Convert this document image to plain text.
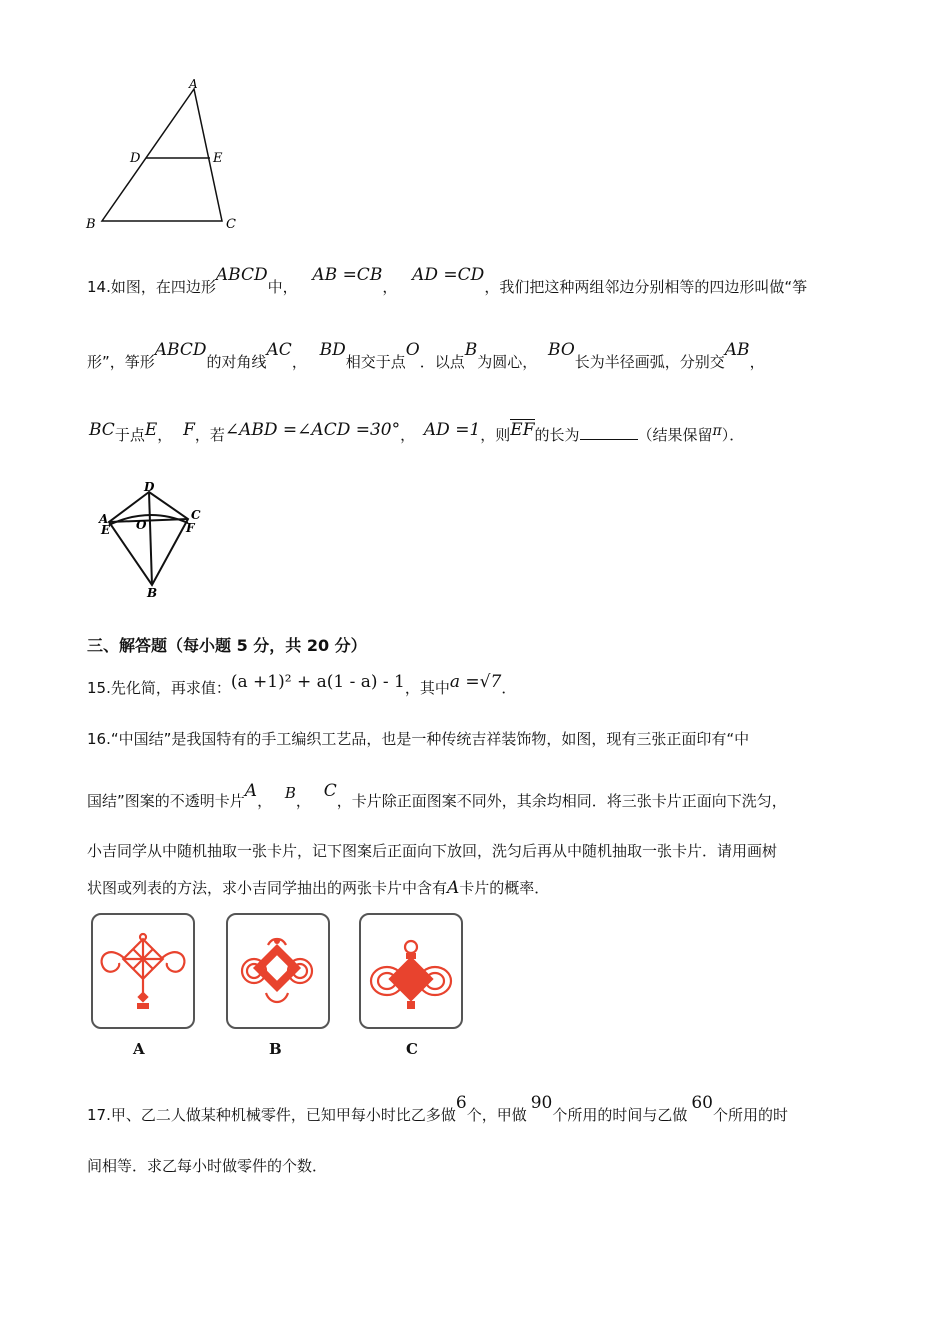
A
D	E
B	C
14.如图，在四边形ABCD中， AB =CB， AD =CD，我们把这种两组邻边分别相等的四边形叫做“筝
形”，筝形ABCD的对角线AC， BD相交于点O．以点B为圆心， BO长为半径画弧，分别交AB，
BC于点E， F，若∠ABD =∠ACD =30°， AD =1，则EF的长为	（结果保留π）．
D
A
E O
C
F
B
三、解答题（每小题 5 分，共 20 分）
15.先化简，再求值：(a +1)² + a(1 - a) - 1，其中a =√7．
16.“中国结”是我国特有的手工编织工艺品，也是一种传统吉祥装饰物，如图，现有三张正面印有“中
国结”图案的不透明卡片A， B， C，卡片除正面图案不同外，其余均相同．将三张卡片正面向下洗匀，
小吉同学从中随机抽取一张卡片，记下图案后正面向下放回，洗匀后再从中随机抽取一张卡片．请用画树
状图或列表的方法，求小吉同学抽出的两张卡片中含有A卡片的概率．
A	B	C
17.甲、乙二人做某种机械零件，已知甲每小时比乙多做6个，甲做90个所用的时间与乙做60个所用的时
间相等．求乙每小时做零件的个数．
